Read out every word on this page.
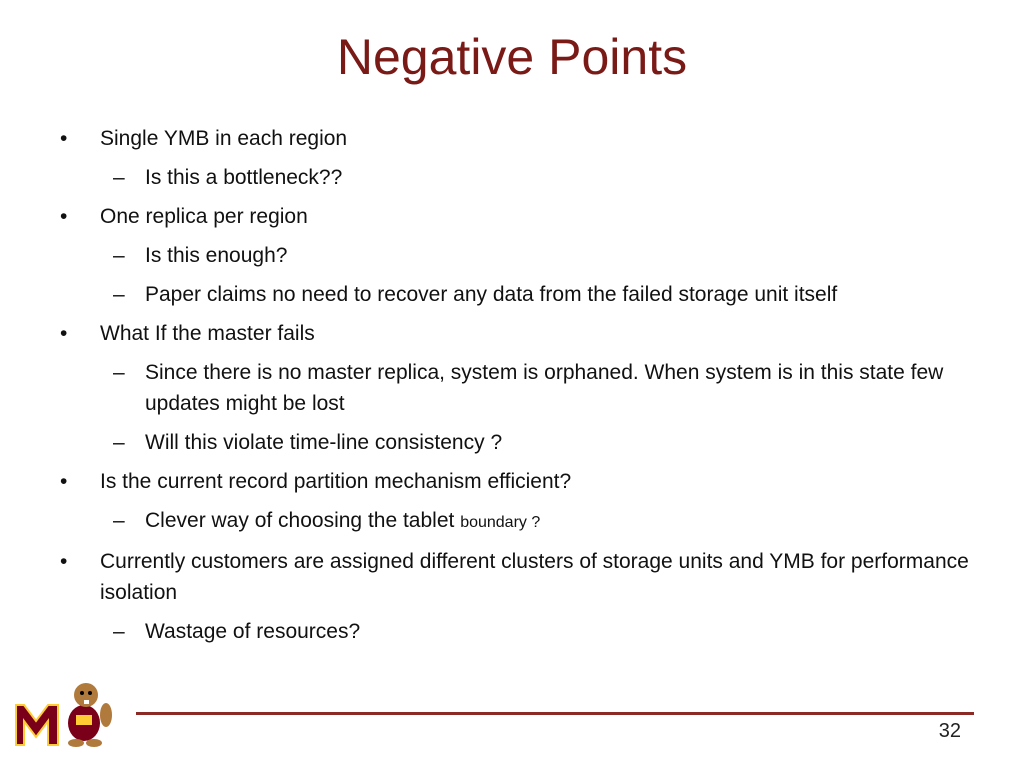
Negative Points
• Single YMB in each region
– Is this a bottleneck??
• One replica per region
– Is this enough?
– Paper claims no need to recover any data from the failed storage unit itself
• What If the master fails
– Since there is no master replica, system is orphaned. When system is in this state few updates might be lost
– Will this violate time-line consistency ?
• Is the current record partition mechanism efficient?
– Clever way of choosing the tablet boundary ?
• Currently customers are assigned different clusters of storage units and YMB for performance isolation
– Wastage of resources?
32
